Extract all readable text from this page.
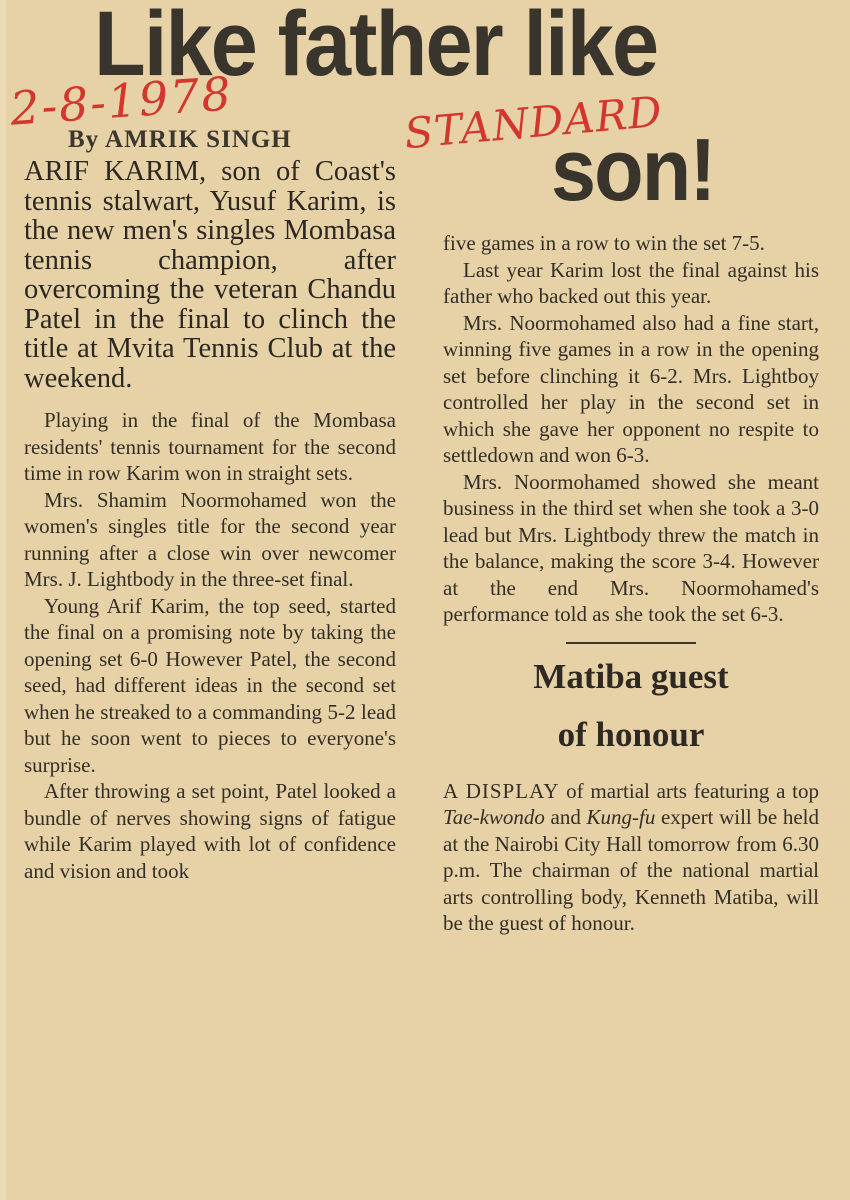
Like father like
son!
2-8-1978	STANDARD
By AMRIK SINGH

ARIF KARIM, son of Coast's tennis stalwart, Yusuf Karim, is the new men's singles Mombasa tennis champion, after overcoming the veteran Chandu Patel in the final to clinch the title at Mvita Tennis Club at the weekend.

Playing in the final of the Mombasa residents' tennis tournament for the second time in row Karim won in straight sets.

Mrs. Shamim Noormohamed won the women's singles title for the second year running after a close win over newcomer Mrs. J. Lightbody in the three-set final.

Young Arif Karim, the top seed, started the final on a promising note by taking the opening set 6-0 However Patel, the second seed, had different ideas in the second set when he streaked to a commanding 5-2 lead but he soon went to pieces to everyone's surprise.

After throwing a set point, Patel looked a bundle of nerves showing signs of fatigue while Karim played with lot of confidence and vision and took

five games in a row to win the set 7-5.

Last year Karim lost the final against his father who backed out this year.

Mrs. Noormohamed also had a fine start, winning five games in a row in the opening set before clinching it 6-2. Mrs. Lightboy controlled her play in the second set in which she gave her opponent no respite to settledown and won 6-3.

Mrs. Noormohamed showed she meant business in the third set when she took a 3-0 lead but Mrs. Lightbody threw the match in the balance, making the score 3-4. However at the end Mrs. Noormohamed's performance told as she took the set 6-3.

Matiba guest
of honour

A DISPLAY of martial arts featuring a top Tae-kwondo and Kung-fu expert will be held at the Nairobi City Hall tomorrow from 6.30 p.m. The chairman of the national martial arts controlling body, Kenneth Matiba, will be the guest of honour.
